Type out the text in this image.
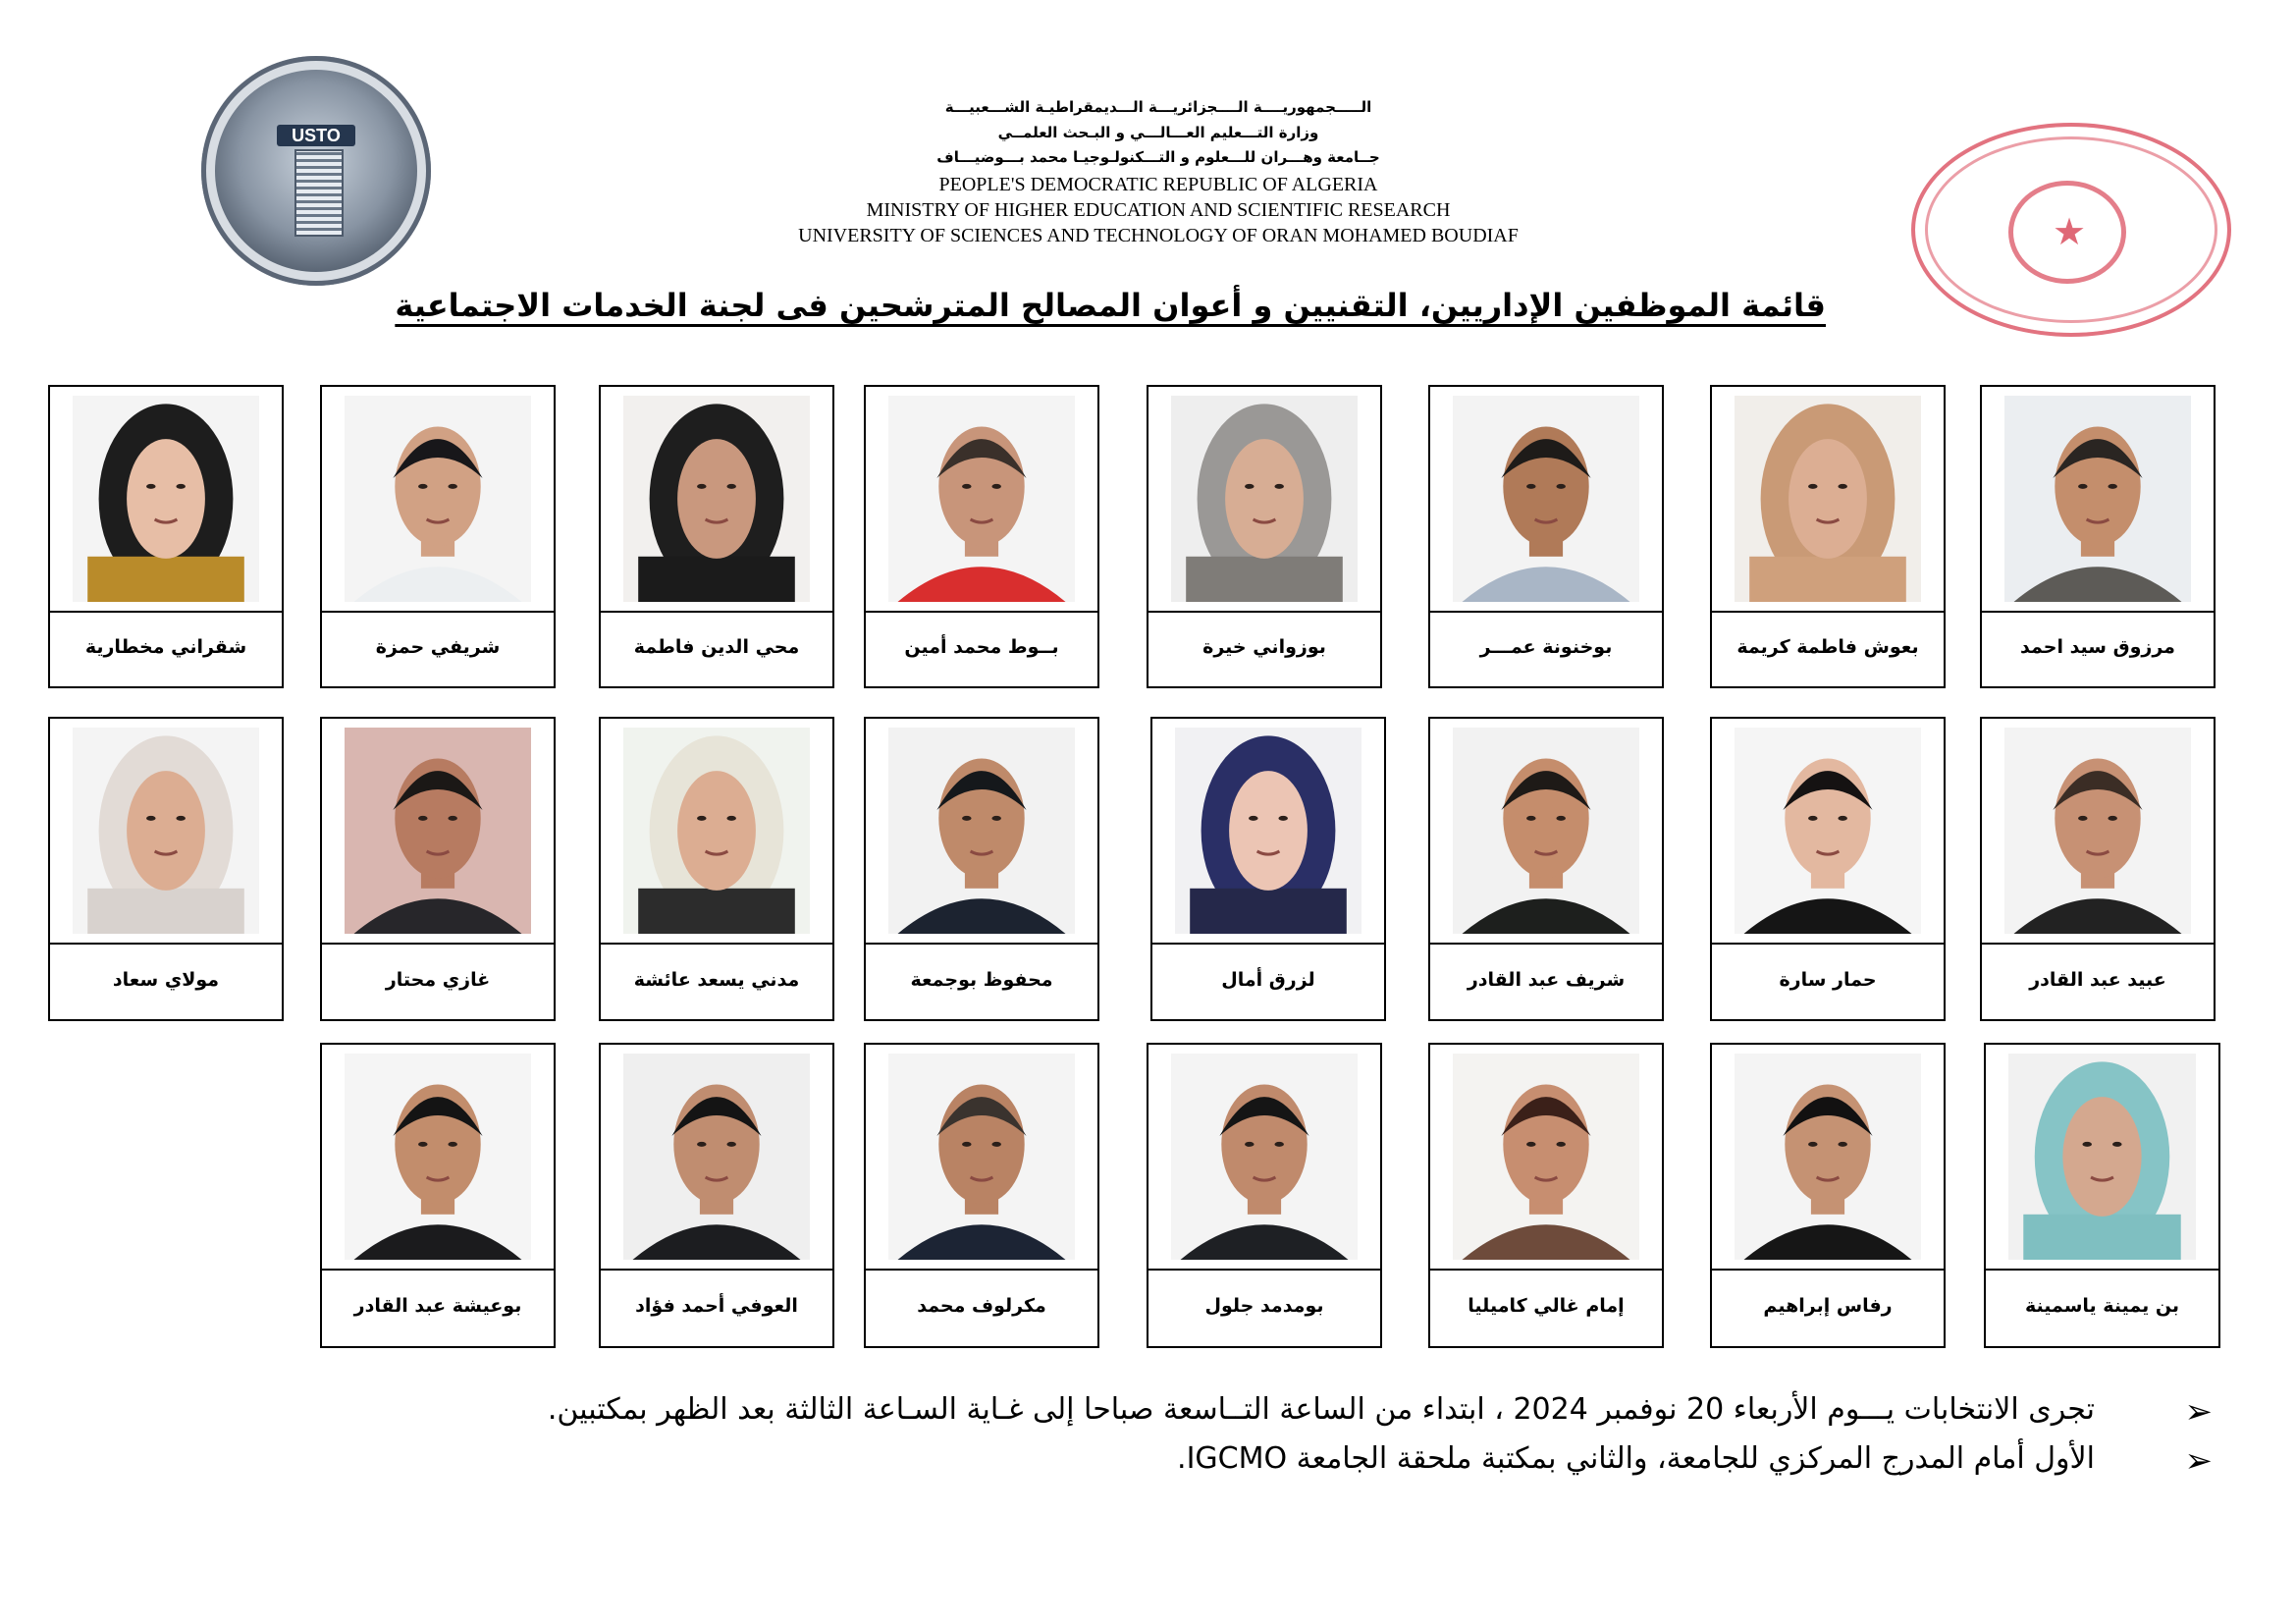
USTO
الـــــجمهوريــــة الــــجزائريـــة الـــديمقراطيـة الشـــعبيـــة
وزارة التـــعليم العـــالـــي و البـحث العلمــي
جــامعة وهـــران للـــعلوم و التـــكنولـوجيـا محمد بـــوضيـــاف
PEOPLE'S DEMOCRATIC REPUBLIC OF ALGERIA
MINISTRY OF HIGHER EDUCATION AND SCIENTIFIC RESEARCH
UNIVERSITY OF SCIENCES AND TECHNOLOGY OF ORAN MOHAMED BOUDIAF	★
قائمة الموظفين الإداريين، التقنيين و أعوان المصالح المترشحين فى لجنة الخدمات الاجتماعية
مرزوق سيد احمد
بعوش فاطمة كريمة
بوخنونة عمـــر
بوزواني خيرة
بــوط محمد أمين
محي الدين فاطمة
شريفي حمزة
شقراني مخطارية
عبيد عبد القادر
حمار سارة
شريف عبد القادر
لزرق أمال
محفوظ بوجمعة
مدني يسعد عائشة
غازي محتار
مولاي سعاد
بن يمينة ياسمينة
رفاس إبراهيم
إمام غالي كاميليا
بومدمد جلول
مكرلوف محمد
العوفي أحمد فؤاد
بوعيشة عبد القادر
➢
تجرى الانتخابات يـــوم الأربعاء 20 نوفمبر 2024 ، ابتداء من الساعة التــاسعة صباحا إلى غـاية السـاعة الثالثة بعد الظهر بمكتبين.
➢
الأول أمام المدرج المركزي للجامعة، والثاني بمكتبة ملحقة الجامعة IGCMO.
